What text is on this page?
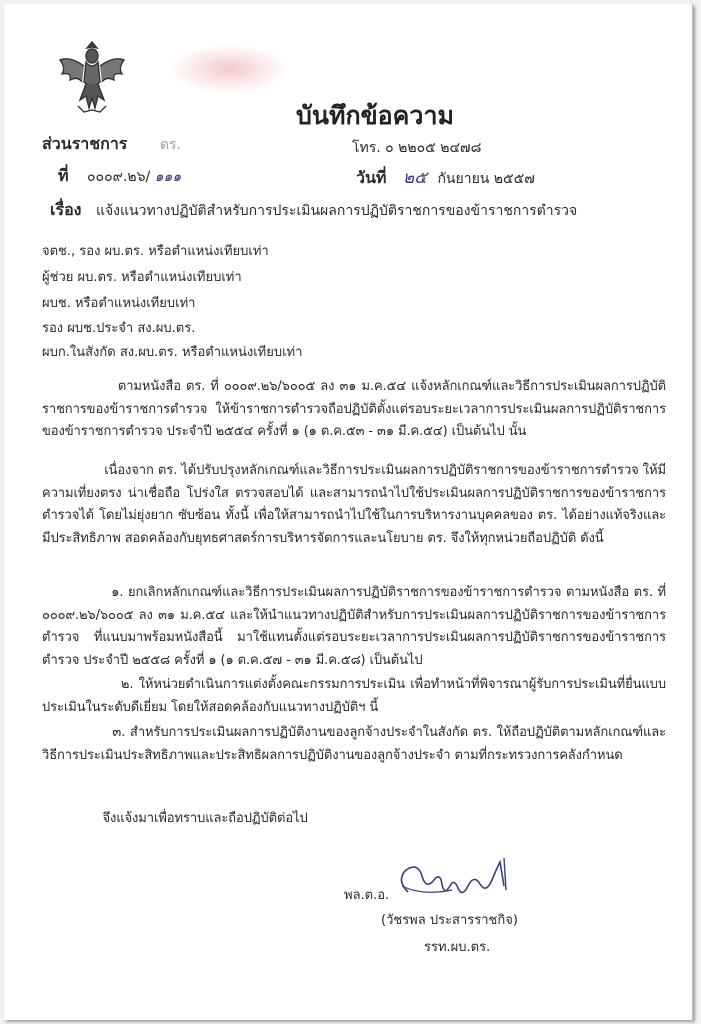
บันทึกข้อความ
ส่วนราชการ ตร.	โทร. ๐ ๒๒๐๕ ๒๔๗๘
ที่ ๐๐๐๙.๒๖/ ๑๑๑	วันที่ ๒๕ กันยายน ๒๕๕๗
เรื่อง แจ้งแนวทางปฏิบัติสำหรับการประเมินผลการปฏิบัติราชการของข้าราชการตำรวจ
จตช., รอง ผบ.ตร. หรือตำแหน่งเทียบเท่า
ผู้ช่วย ผบ.ตร. หรือตำแหน่งเทียบเท่า
ผบช. หรือตำแหน่งเทียบเท่า
รอง ผบช.ประจำ สง.ผบ.ตร.
ผบก.ในสังกัด สง.ผบ.ตร. หรือตำแหน่งเทียบเท่า
ตามหนังสือ ตร. ที่ ๐๐๐๙.๒๖/๖๐๐๕ ลง ๓๑ ม.ค.๕๔ แจ้งหลักเกณฑ์และวิธีการประเมินผลการปฏิบัติราชการของข้าราชการตำรวจ ให้ข้าราชการตำรวจถือปฏิบัติตั้งแต่รอบระยะเวลาการประเมินผลการปฏิบัติราชการของข้าราชการตำรวจ ประจำปี ๒๕๕๔ ครั้งที่ ๑ (๑ ต.ค.๕๓ - ๓๑ มี.ค.๕๔) เป็นต้นไป นั้น
เนื่องจาก ตร. ได้ปรับปรุงหลักเกณฑ์และวิธีการประเมินผลการปฏิบัติราชการของข้าราชการตำรวจ ให้มีความเที่ยงตรง น่าเชื่อถือ โปร่งใส ตรวจสอบได้ และสามารถนำไปใช้ประเมินผลการปฏิบัติราชการของข้าราชการตำรวจได้ โดยไม่ยุ่งยาก ซับซ้อน ทั้งนี้ เพื่อให้สามารถนำไปใช้ในการบริหารงานบุคคลของ ตร. ได้อย่างแท้จริงและมีประสิทธิภาพ สอดคล้องกับยุทธศาสตร์การบริหารจัดการและนโยบาย ตร. จึงให้ทุกหน่วยถือปฏิบัติ ดังนี้
๑. ยกเลิกหลักเกณฑ์และวิธีการประเมินผลการปฏิบัติราชการของข้าราชการตำรวจ ตามหนังสือ ตร. ที่ ๐๐๐๙.๒๖/๖๐๐๕ ลง ๓๑ ม.ค.๕๔ และให้นำแนวทางปฏิบัติสำหรับการประเมินผลการปฏิบัติราชการของข้าราชการตำรวจ ที่แนบมาพร้อมหนังสือนี้ มาใช้แทนตั้งแต่รอบระยะเวลาการประเมินผลการปฏิบัติราชการของข้าราชการตำรวจ ประจำปี ๒๕๕๘ ครั้งที่ ๑ (๑ ต.ค.๕๗ - ๓๑ มี.ค.๕๘) เป็นต้นไป
๒. ให้หน่วยดำเนินการแต่งตั้งคณะกรรมการประเมิน เพื่อทำหน้าที่พิจารณาผู้รับการประเมินที่ยื่นแบบประเมินในระดับดีเยี่ยม โดยให้สอดคล้องกับแนวทางปฏิบัติฯ นี้
๓. สำหรับการประเมินผลการปฏิบัติงานของลูกจ้างประจำในสังกัด ตร. ให้ถือปฏิบัติตามหลักเกณฑ์และวิธีการประเมินประสิทธิภาพและประสิทธิผลการปฏิบัติงานของลูกจ้างประจำ ตามที่กระทรวงการคลังกำหนด
จึงแจ้งมาเพื่อทราบและถือปฏิบัติต่อไป
พล.ต.อ.
(วัชรพล ประสารราชกิจ)
รรท.ผบ.ตร.
